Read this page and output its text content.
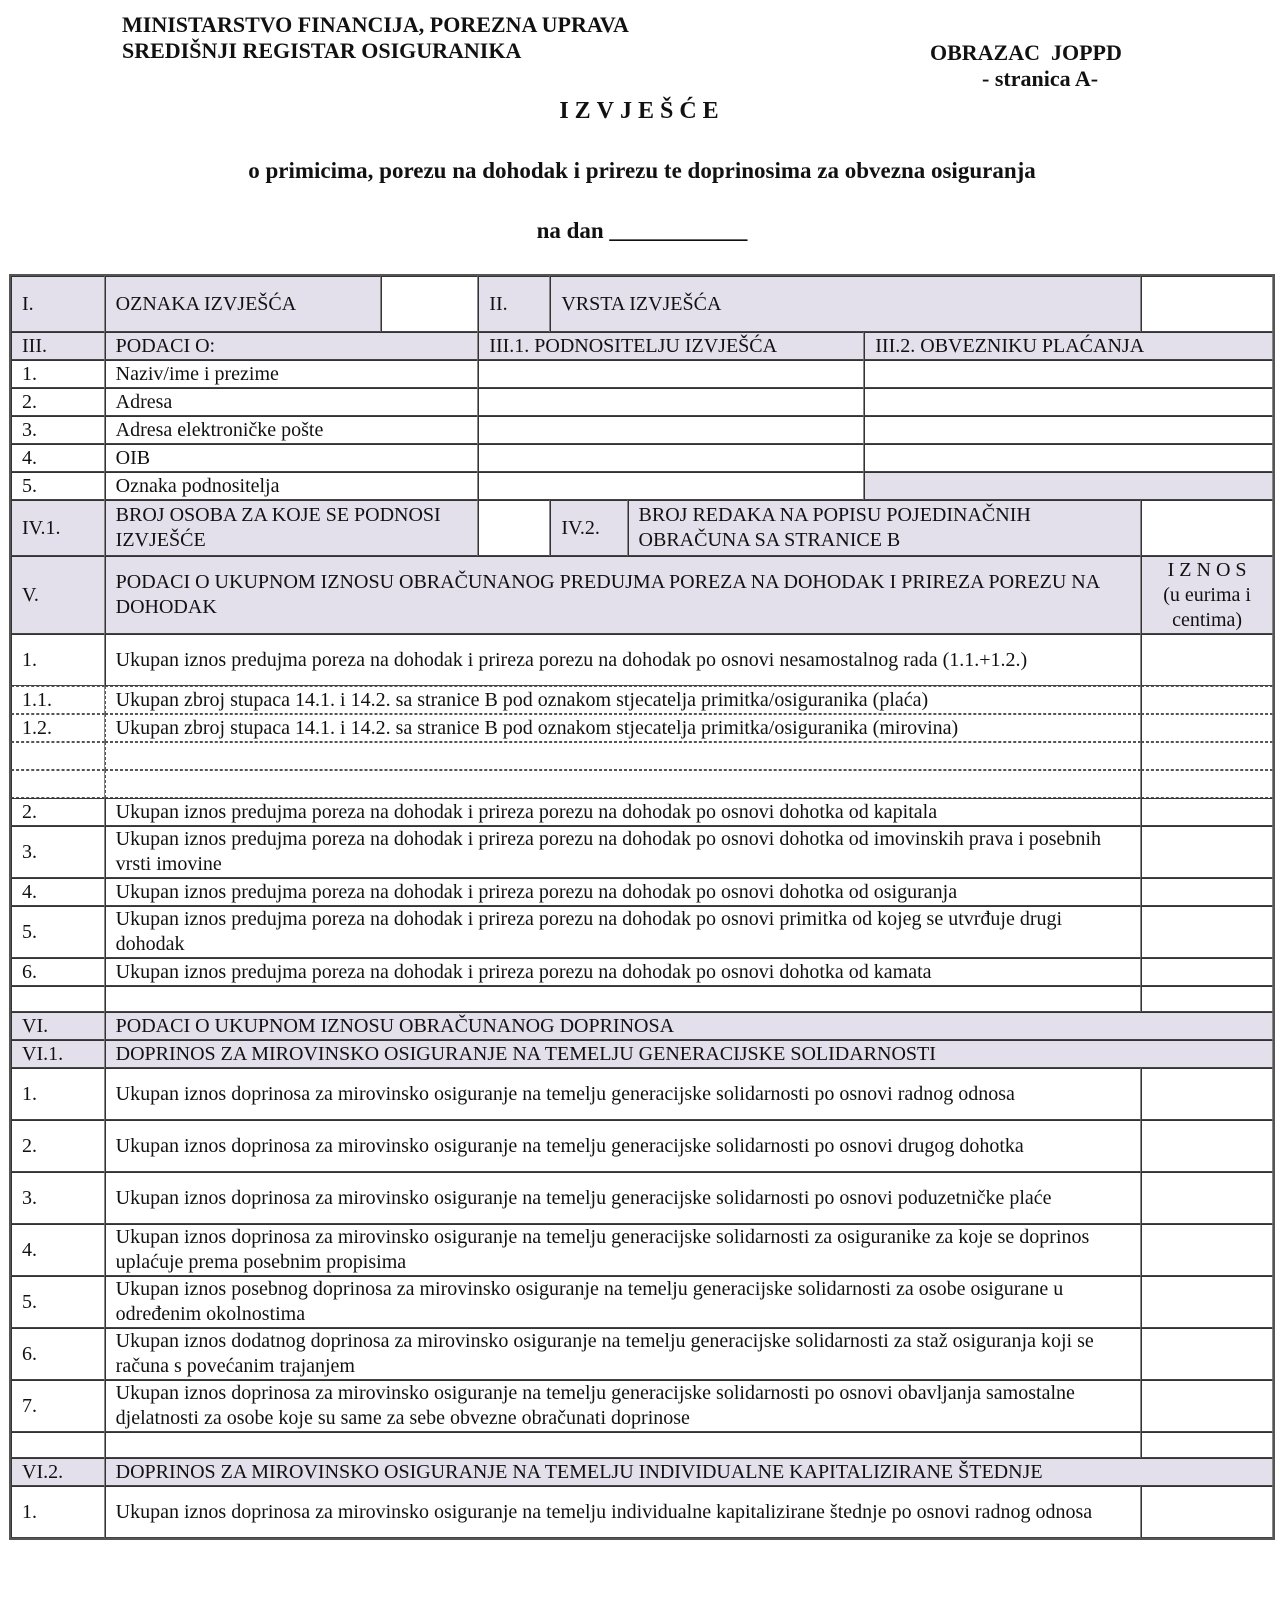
MINISTARSTVO FINANCIJA, POREZNA UPRAVA
SREDIŠNJI REGISTAR OSIGURANIKA	OBRAZAC  JOPPD
- stranica A-
IZVJEŠĆE
o primicima, porezu na dohodak i prirezu te doprinosima za obvezna osiguranja
na dan ____________
I.	OZNAKA IZVJEŠĆA		II.	VRSTA IZVJEŠĆA			
III.	PODACI O:		III.1. PODNOSITELJU IZVJEŠĆA			III.2. OBVEZNIKU PLAĆANJA	
1.	Naziv/ime i prezime						
2.	Adresa						
3.	Adresa elektroničke pošte						
4.	OIB						
5.	Oznaka podnositelja						
IV.1.	BROJ OSOBA ZA KOJE SE PODNOSI IZVJEŠĆE			IV.2.	BROJ REDAKA NA POPISU POJEDINAČNIH OBRAČUNA SA STRANICE B		
V.	PODACI O UKUPNOM IZNOSU OBRAČUNANOG PREDUJMA POREZA NA DOHODAK I PRIREZA POREZU NA DOHODAK						I Z N O S
(u eurima i centima)

1.	Ukupan iznos predujma poreza na dohodak i prireza porezu na dohodak po osnovi nesamostalnog rada (1.1.+1.2.)						
1.1.	Ukupan zbroj stupaca 14.1. i 14.2. sa stranice B pod oznakom stjecatelja primitka/osiguranika (plaća)						
1.2.	Ukupan zbroj stupaca 14.1. i 14.2. sa stranice B pod oznakom stjecatelja primitka/osiguranika (mirovina)						

2.	Ukupan iznos predujma poreza na dohodak i prireza porezu na dohodak po osnovi dohotka od kapitala						
3.	Ukupan iznos predujma poreza na dohodak i prireza porezu na dohodak po osnovi dohotka od imovinskih prava i posebnih vrsti imovine						
4.	Ukupan iznos predujma poreza na dohodak i prireza porezu na dohodak po osnovi dohotka od osiguranja						
5.	Ukupan iznos predujma poreza na dohodak i prireza porezu na dohodak po osnovi primitka od kojeg se utvrđuje drugi dohodak						
6.	Ukupan iznos predujma poreza na dohodak i prireza porezu na dohodak po osnovi dohotka od kamata						

VI.	PODACI O UKUPNOM IZNOSU OBRAČUNANOG DOPRINOSA						
VI.1.	DOPRINOS ZA MIROVINSKO OSIGURANJE NA TEMELJU GENERACIJSKE SOLIDARNOSTI						
1.	Ukupan iznos doprinosa za mirovinsko osiguranje na temelju generacijske solidarnosti po osnovi radnog odnosa						
2.	Ukupan iznos doprinosa za mirovinsko osiguranje na temelju generacijske solidarnosti po osnovi drugog dohotka						
3.	Ukupan iznos doprinosa za mirovinsko osiguranje na temelju generacijske solidarnosti po osnovi poduzetničke plaće						
4.	Ukupan iznos doprinosa za mirovinsko osiguranje na temelju generacijske solidarnosti za osiguranike za koje se doprinos uplaćuje prema posebnim propisima						
5.	Ukupan iznos posebnog doprinosa za mirovinsko osiguranje na temelju generacijske solidarnosti za osobe osigurane u određenim okolnostima						
6.	Ukupan iznos dodatnog doprinosa za mirovinsko osiguranje na temelju generacijske solidarnosti za staž osiguranja koji se računa s povećanim trajanjem						
7.	Ukupan iznos doprinosa za mirovinsko osiguranje na temelju generacijske solidarnosti po osnovi obavljanja samostalne djelatnosti za osobe koje su same za sebe obvezne obračunati doprinose						

VI.2.	DOPRINOS ZA MIROVINSKO OSIGURANJE NA TEMELJU INDIVIDUALNE KAPITALIZIRANE ŠTEDNJE						
1.	Ukupan iznos doprinosa za mirovinsko osiguranje na temelju individualne kapitalizirane štednje po osnovi radnog odnosa						
